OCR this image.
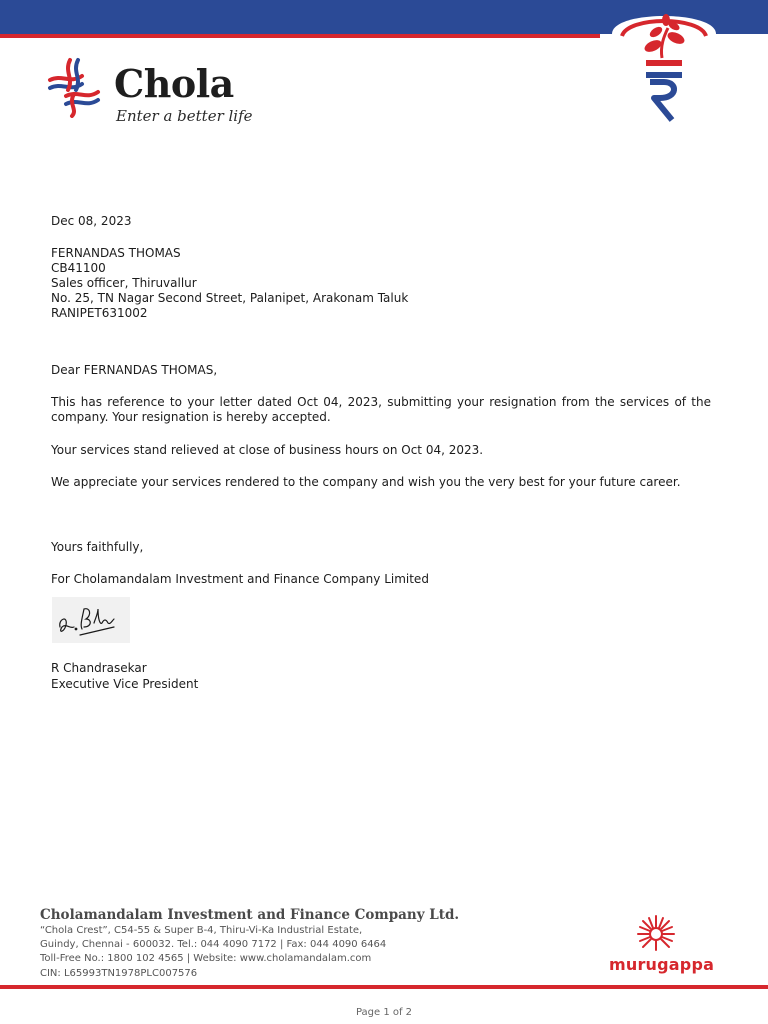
Chola
Enter a better life
Dec 08, 2023
FERNANDAS THOMAS
CB41100
Sales officer, Thiruvallur
No. 25, TN Nagar Second Street, Palanipet, Arakonam Taluk
RANIPET631002
Dear FERNANDAS THOMAS,
This has reference to your letter dated Oct 04, 2023, submitting your resignation from the services of the company. Your resignation is hereby accepted.
Your services stand relieved at close of business hours on Oct 04, 2023.
We appreciate your services rendered to the company and wish you the very best for your future career.
Yours faithfully,
For Cholamandalam Investment and Finance Company Limited
R Chandrasekar
Executive Vice President
Cholamandalam Investment and Finance Company Ltd.
“Chola Crest”, C54-55 & Super B-4, Thiru-Vi-Ka Industrial Estate,
Guindy, Chennai - 600032. Tel.: 044 4090 7172 | Fax: 044 4090 6464
Toll-Free No.: 1800 102 4565 | Website: www.cholamandalam.com
CIN: L65993TN1978PLC007576	murugappa
Page 1 of 2
